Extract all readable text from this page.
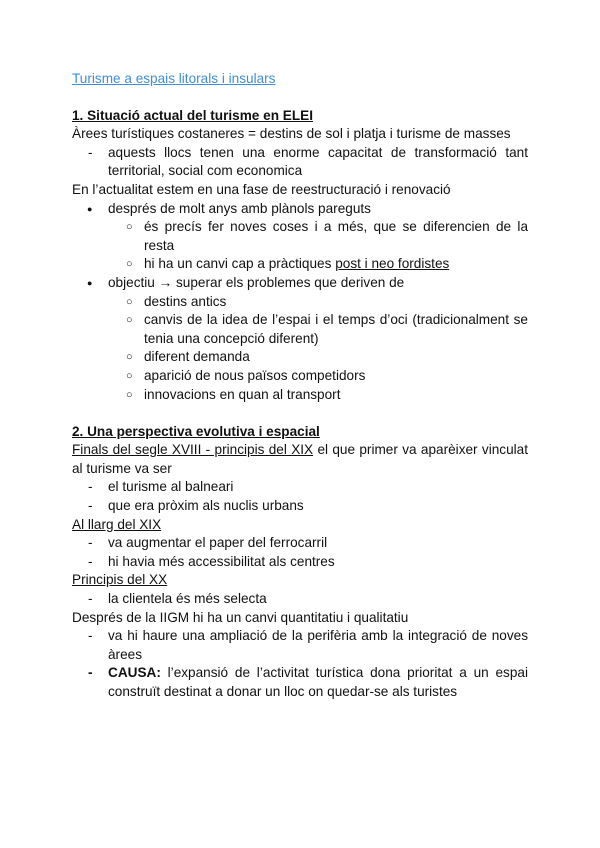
Turisme a espais litorals i insulars

1. Situació actual del turisme en ELEI

Àrees turístiques costaneres = destins de sol i platja i turisme de masses

- aquests llocs tenen una enorme capacitat de transformació tant territorial, social com economica

En l’actualitat estem en una fase de reestructuració i renovació

● després de molt anys amb plànols pareguts
○ és precís fer noves coses i a més, que se diferencien de la resta
○ hi ha un canvi cap a pràctiques post i neo fordistes
● objectiu → superar els problemes que deriven de
○ destins antics
○ canvis de la idea de l’espai i el temps d’oci (tradicionalment se tenia una concepció diferent)
○ diferent demanda
○ aparició de nous països competidors
○ innovacions en quan al transport

2. Una perspectiva evolutiva i espacial

Finals del segle XVIII - principis del XIX el que primer va aparèixer vinculat al turisme va ser

- el turisme al balneari
- que era pròxim als nuclis urbans

Al llarg del XIX

- va augmentar el paper del ferrocarril
- hi havia més accessibilitat als centres

Principis del XX

- la clientela és més selecta

Després de la IIGM hi ha un canvi quantitatiu i qualitatiu

- va hi haure una ampliació de la perifèria amb la integració de noves àrees
- CAUSA: l’expansió de l’activitat turística dona prioritat a un espai construït destinat a donar un lloc on quedar-se als turistes
